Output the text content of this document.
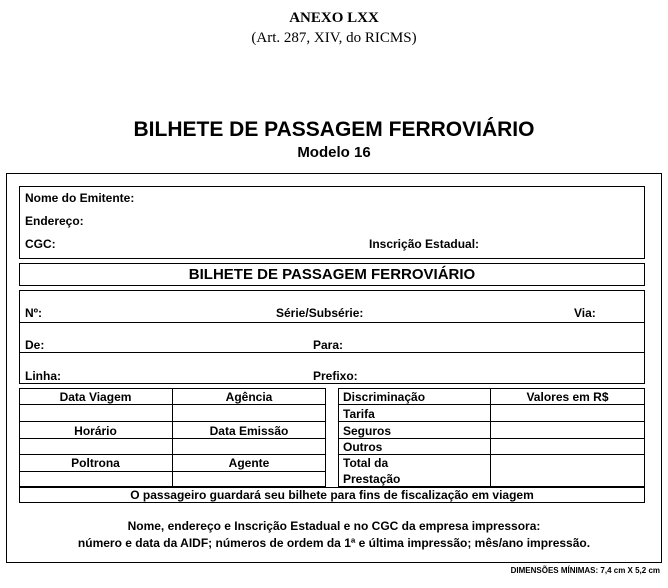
ANEXO LXX
(Art. 287, XIV, do RICMS)
BILHETE DE PASSAGEM FERROVIÁRIO
Modelo 16
Nome do Emitente:
Endereço:
CGC:	Inscrição Estadual:
BILHETE DE PASSAGEM FERROVIÁRIO
Nº:	Série/Subsérie:	Via:
De:	Para:
Linha:	Prefixo:
Data Viagem	Agência
Horário	Data Emissão
Poltrona	Agente
Discriminação	Valores em R$
Tarifa
Seguros
Outros
Total da
Prestação
O passageiro guardará seu bilhete para fins de fiscalização em viagem
Nome, endereço e Inscrição Estadual e no CGC da empresa impressora:
número e data da AIDF; números de ordem da 1ª e última impressão; mês/ano impressão.
DIMENSÕES MÍNIMAS: 7,4 cm X 5,2 cm
